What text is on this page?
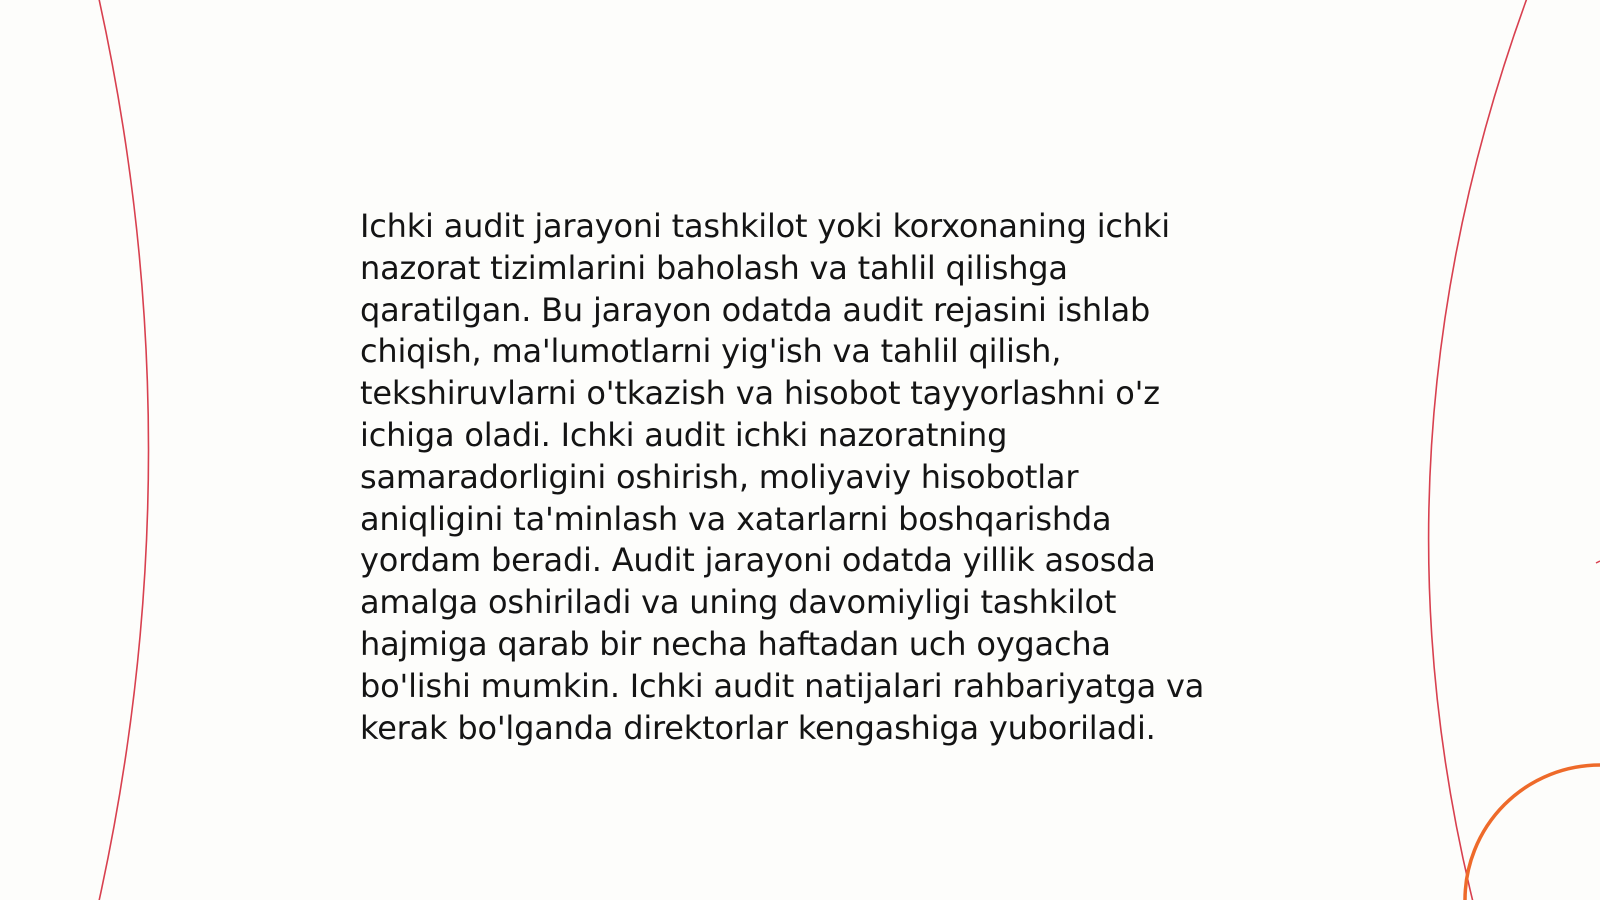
Ichki audit jarayoni tashkilot yoki korxonaning ichki
nazorat tizimlarini baholash va tahlil qilishga
qaratilgan. Bu jarayon odatda audit rejasini ishlab
chiqish, ma'lumotlarni yig'ish va tahlil qilish,
tekshiruvlarni o'tkazish va hisobot tayyorlashni o'z
ichiga oladi. Ichki audit ichki nazoratning
samaradorligini oshirish, moliyaviy hisobotlar
aniqligini ta'minlash va xatarlarni boshqarishda
yordam beradi. Audit jarayoni odatda yillik asosda
amalga oshiriladi va uning davomiyligi tashkilot
hajmiga qarab bir necha haftadan uch oygacha
bo'lishi mumkin. Ichki audit natijalari rahbariyatga va
kerak bo'lganda direktorlar kengashiga yuboriladi.
